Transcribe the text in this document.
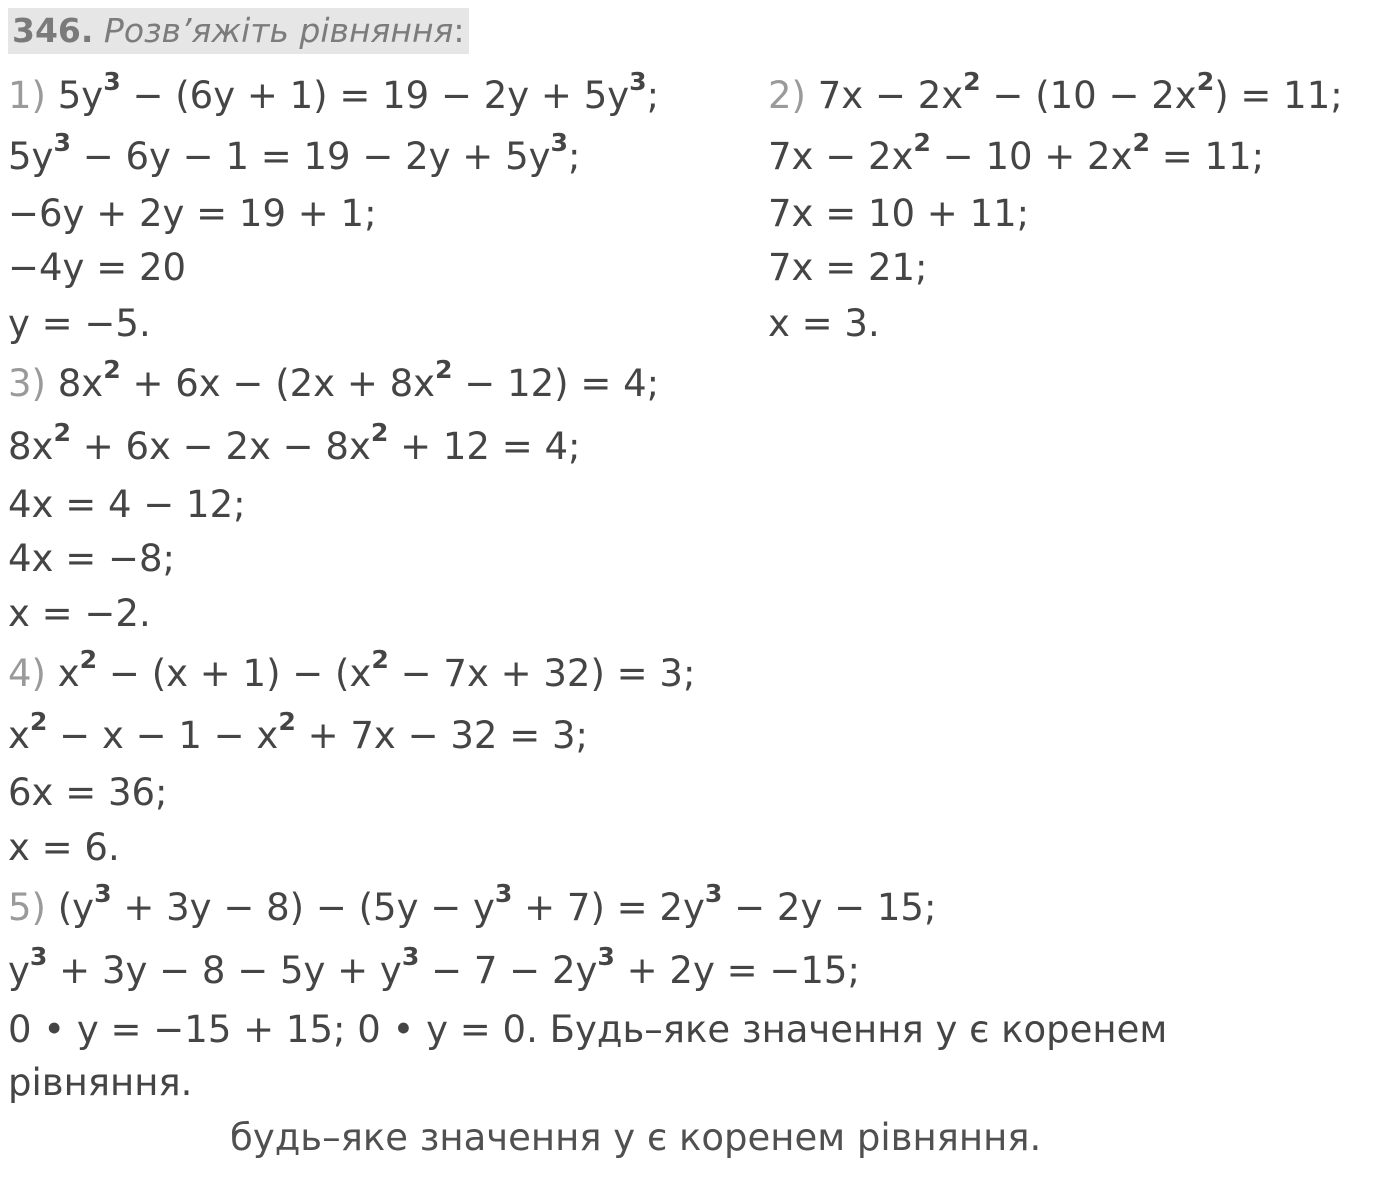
346. Розв’яжіть рівняння:
1) $5y^3 - (6y + 1) = 19 - 2y + 5y^3$;
$5y^3 - 6y - 1 = 19 - 2y + 5y^3$;
−6y + 2y = 19 + 1;
−4y = 20
y = −5.
2) $7x - 2x^2 - (10 - 2x^2) = 11$;
$7x - 2x^2 - 10 + 2x^2 = 11$;
7x = 10 + 11;
7x = 21;
x = 3.
3) $8x^2 + 6x - (2x + 8x^2 - 12) = 4$;
$8x^2 + 6x - 2x - 8x^2 + 12 = 4$;
4x = 4 − 12;
4x = −8;
x = −2.
4) $x^2 - (x + 1) - (x^2 - 7x + 32) = 3$;
$x^2 - x - 1 - x^2 + 7x - 32 = 3$;
6x = 36;
x = 6.
5) $(y^3 + 3y - 8) - (5y - y^3 + 7) = 2y^3 - 2y - 15$;
$y^3 + 3y - 8 - 5y + y^3 - 7 - 2y^3 + 2y = -15$;
0 • y = −15 + 15; 0 • y = 0. Будь–яке значення y є коренем
рівняння.
будь–яке значення y є коренем рівняння.
